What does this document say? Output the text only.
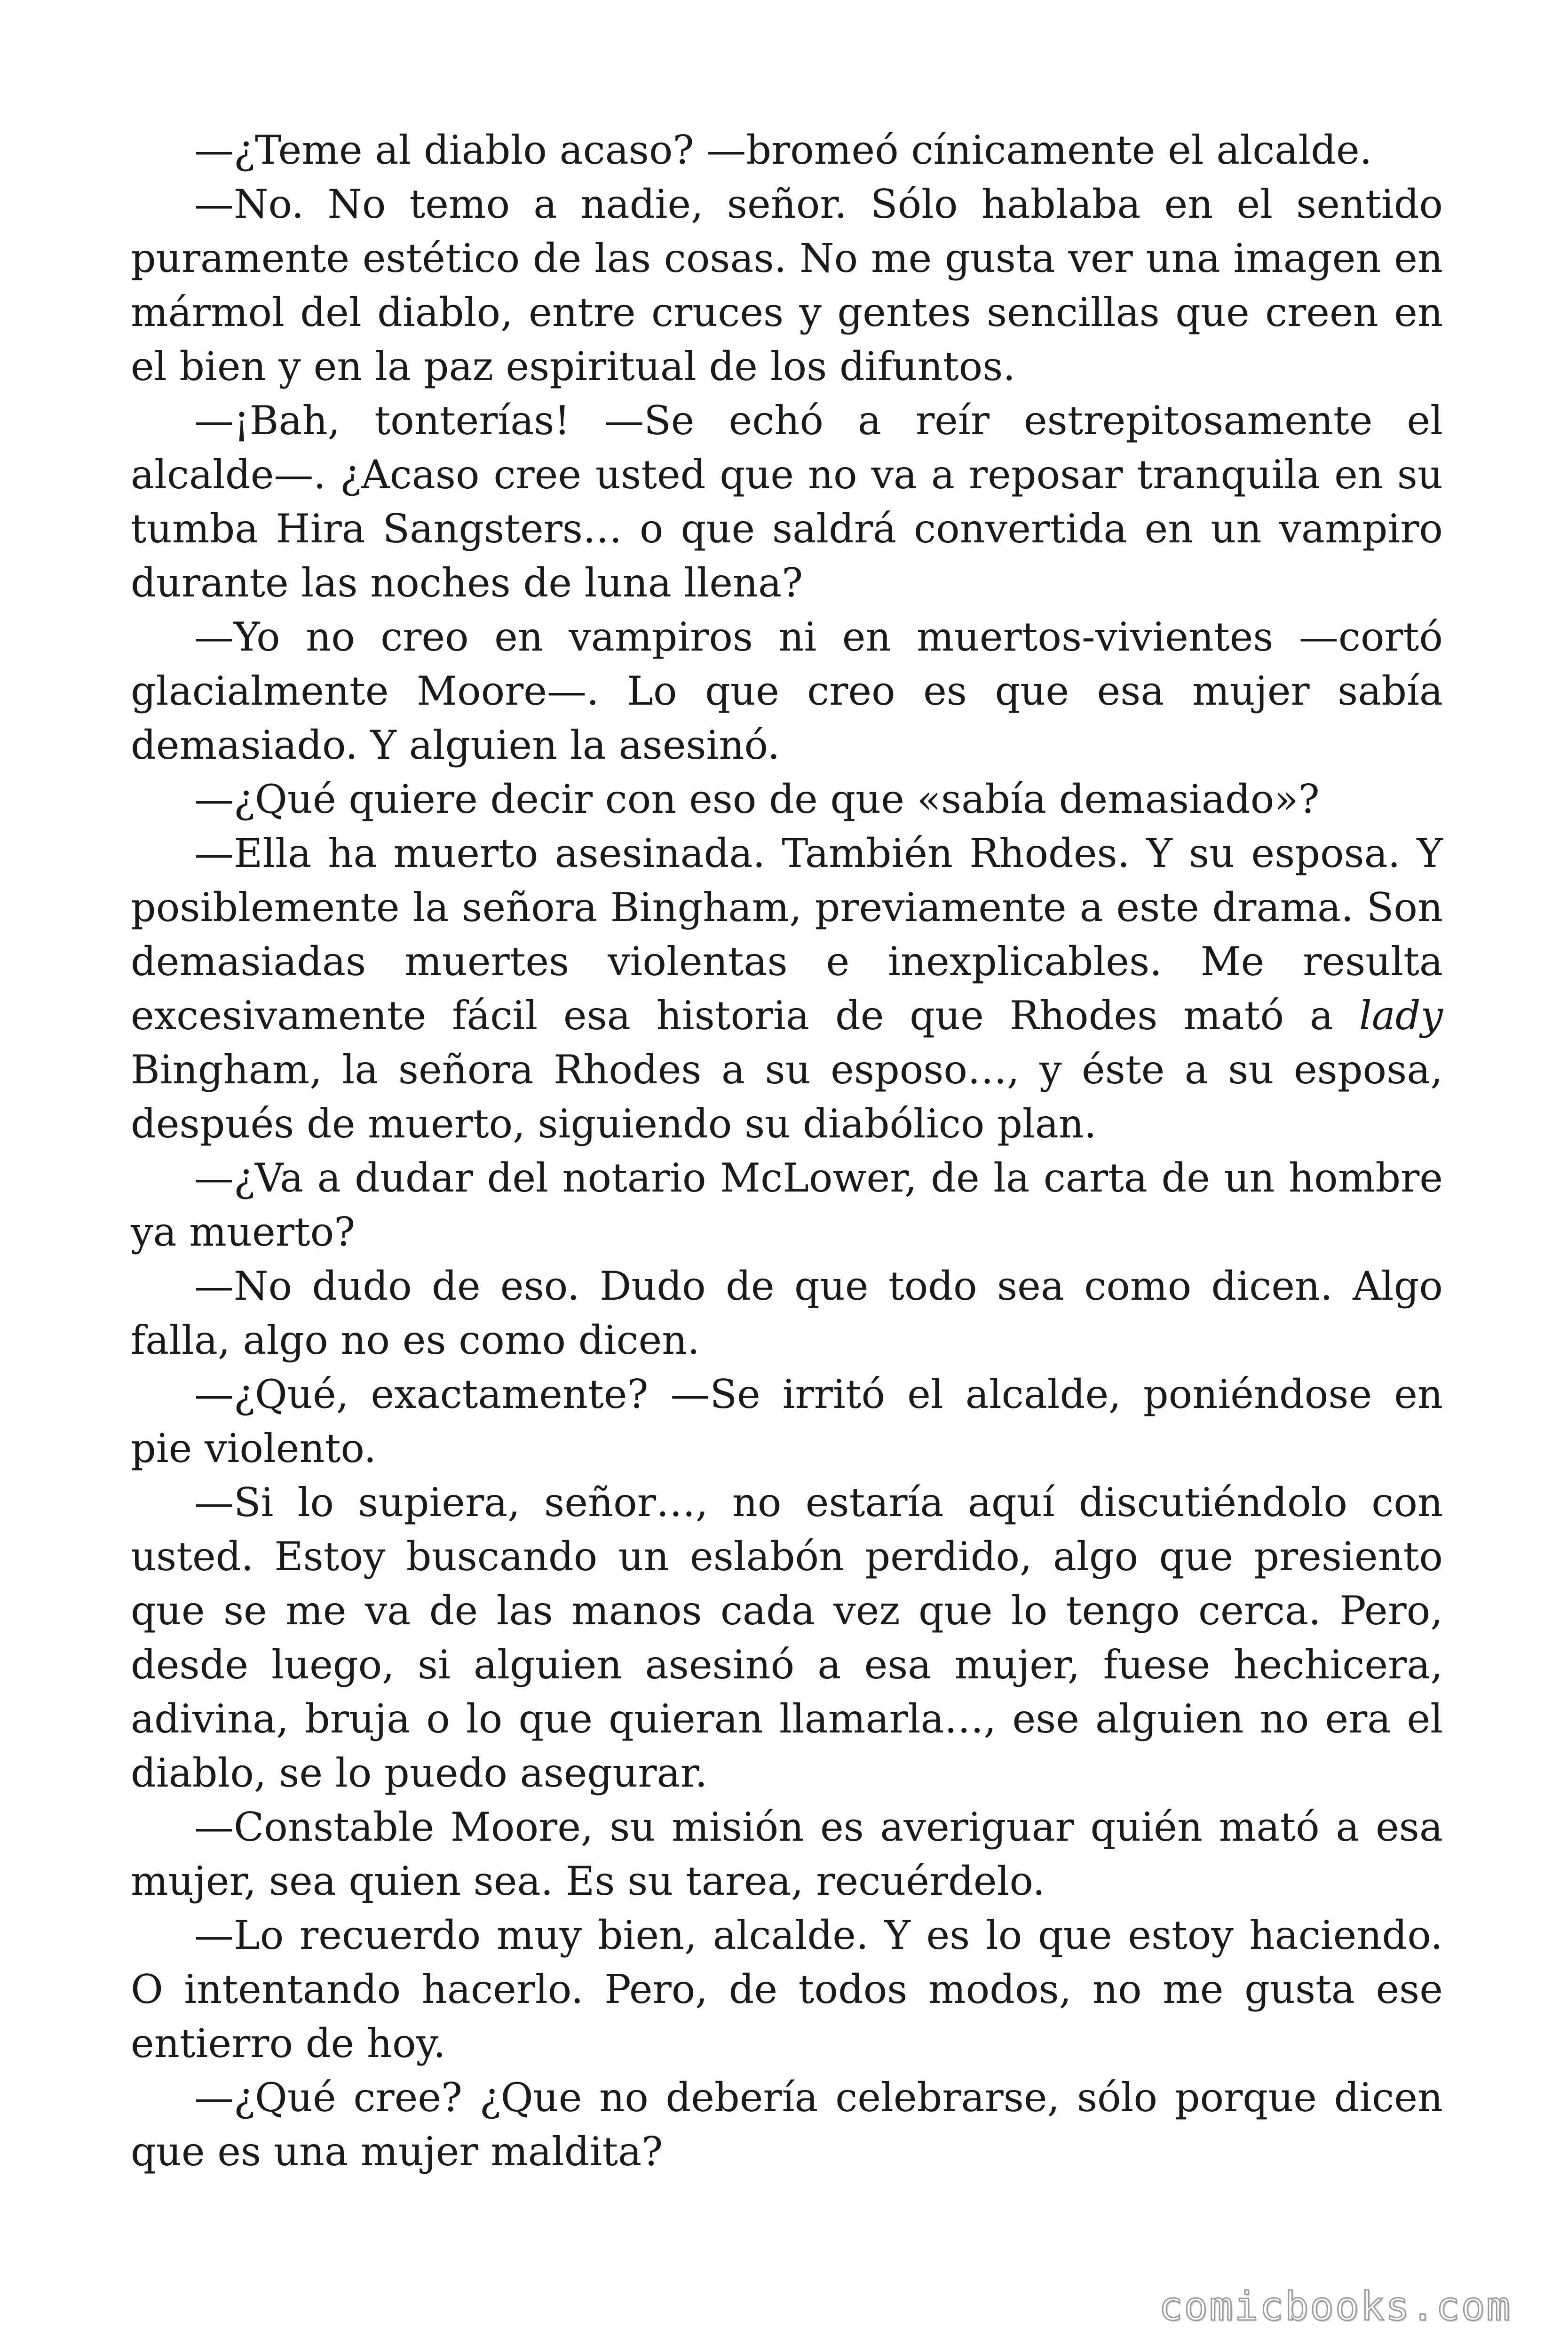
—¿Teme al diablo acaso? —bromeó cínicamente el alcalde.

—No. No temo a nadie, señor. Sólo hablaba en el sentido puramente estético de las cosas. No me gusta ver una imagen en mármol del diablo, entre cruces y gentes sencillas que creen en el bien y en la paz espiritual de los difuntos.

—¡Bah, tonterías! —Se echó a reír estrepitosamente el alcalde—. ¿Acaso cree usted que no va a reposar tranquila en su tumba Hira Sangsters… o que saldrá convertida en un vampiro durante las noches de luna llena?

—Yo no creo en vampiros ni en muertos-vivientes —cortó glacialmente Moore—. Lo que creo es que esa mujer sabía demasiado. Y alguien la asesinó.

—¿Qué quiere decir con eso de que «sabía demasiado»?

—Ella ha muerto asesinada. También Rhodes. Y su esposa. Y posiblemente la señora Bingham, previamente a este drama. Son demasiadas muertes violentas e inexplicables. Me resulta excesivamente fácil esa historia de que Rhodes mató a lady Bingham, la señora Rhodes a su esposo…, y éste a su esposa, después de muerto, siguiendo su diabólico plan.

—¿Va a dudar del notario McLower, de la carta de un hombre ya muerto?

—No dudo de eso. Dudo de que todo sea como dicen. Algo falla, algo no es como dicen.

—¿Qué, exactamente? —Se irritó el alcalde, poniéndose en pie violento.

—Si lo supiera, señor…, no estaría aquí discutiéndolo con usted. Estoy buscando un eslabón perdido, algo que presiento que se me va de las manos cada vez que lo tengo cerca. Pero, desde luego, si alguien asesinó a esa mujer, fuese hechicera, adivina, bruja o lo que quieran llamarla…, ese alguien no era el diablo, se lo puedo asegurar.

—Constable Moore, su misión es averiguar quién mató a esa mujer, sea quien sea. Es su tarea, recuérdelo.

—Lo recuerdo muy bien, alcalde. Y es lo que estoy haciendo. O intentando hacerlo. Pero, de todos modos, no me gusta ese entierro de hoy.

—¿Qué cree? ¿Que no debería celebrarse, sólo porque dicen que es una mujer maldita?

comicbooks.com
